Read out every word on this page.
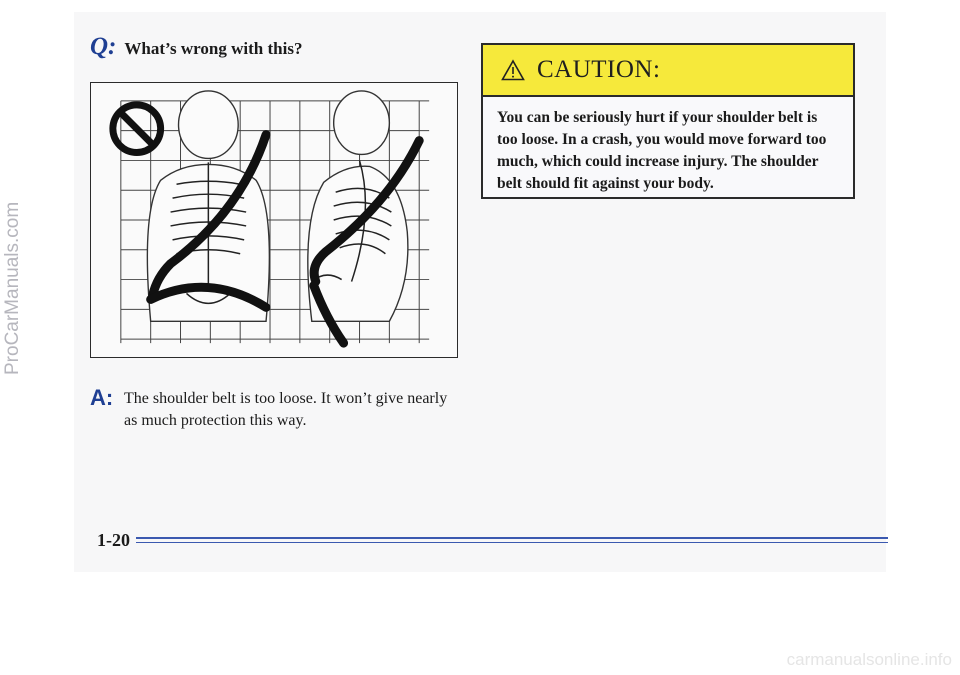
Q: What’s wrong with this?
A: The shoulder belt is too loose. It won’t give nearly as much protection this way.
CAUTION:
You can be seriously hurt if your shoulder belt is too loose. In a crash, you would move forward too much, which could increase injury. The shoulder belt should fit against your body.
1-20
ProCarManuals.com
carmanualsonline.info
